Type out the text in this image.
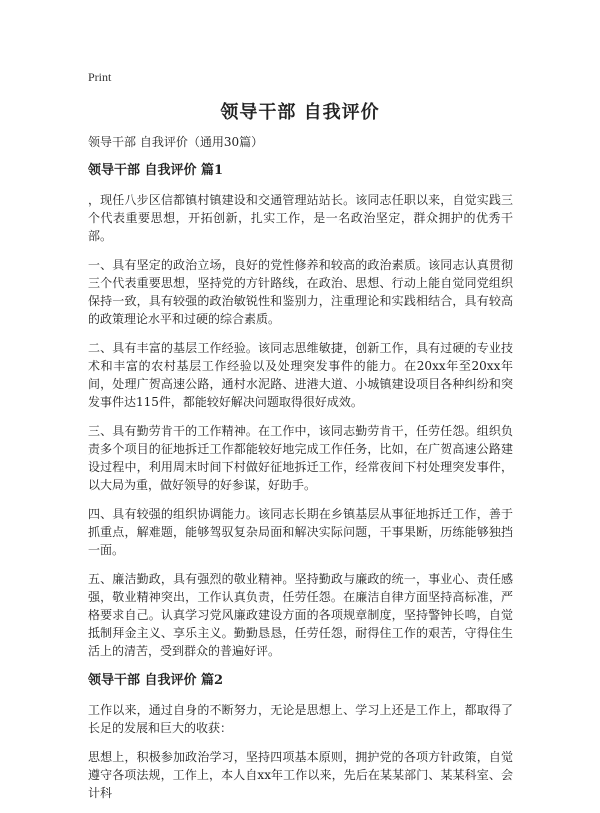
Print
领导干部 自我评价
领导干部 自我评价（通用30篇）
领导干部 自我评价 篇1

，现任八步区信都镇村镇建设和交通管理站站长。该同志任职以来，自觉实践三个代表重要思想，开拓创新，扎实工作，是一名政治坚定，群众拥护的优秀干部。

一、具有坚定的政治立场，良好的党性修养和较高的政治素质。该同志认真贯彻三个代表重要思想，坚持党的方针路线，在政治、思想、行动上能自觉同党组织保持一致，具有较强的政治敏锐性和鉴别力，注重理论和实践相结合，具有较高的政策理论水平和过硬的综合素质。

二、具有丰富的基层工作经验。该同志思维敏捷，创新工作，具有过硬的专业技术和丰富的农村基层工作经验以及处理突发事件的能力。在20xx年至20xx年间，处理广贺高速公路，通村水泥路、进港大道、小城镇建设项目各种纠纷和突发事件达115件，都能较好解决问题取得很好成效。

三、具有勤劳肯干的工作精神。在工作中，该同志勤劳肯干，任劳任怨。组织负责多个项目的征地拆迁工作都能较好地完成工作任务，比如，在广贺高速公路建设过程中，利用周末时间下村做好征地拆迁工作，经常夜间下村处理突发事件，以大局为重，做好领导的好参谋，好助手。

四、具有较强的组织协调能力。该同志长期在乡镇基层从事征地拆迁工作，善于抓重点，解难题，能够驾驭复杂局面和解决实际问题，干事果断，历练能够独挡一面。

五、廉洁勤政，具有强烈的敬业精神。坚持勤政与廉政的统一，事业心、责任感强，敬业精神突出，工作认真负责，任劳任怨。在廉洁自律方面坚持高标准，严格要求自己。认真学习党风廉政建设方面的各项规章制度，坚持警钟长鸣，自觉抵制拜金主义、享乐主义。勤勤恳恳，任劳任怨，耐得住工作的艰苦，守得住生活上的清苦，受到群众的普遍好评。

领导干部 自我评价 篇2

工作以来，通过自身的不断努力，无论是思想上、学习上还是工作上，都取得了长足的发展和巨大的收获：

思想上，积极参加政治学习，坚持四项基本原则，拥护党的各项方针政策，自觉遵守各项法规，工作上，本人自xx年工作以来，先后在某某部门、某某科室、会计科
